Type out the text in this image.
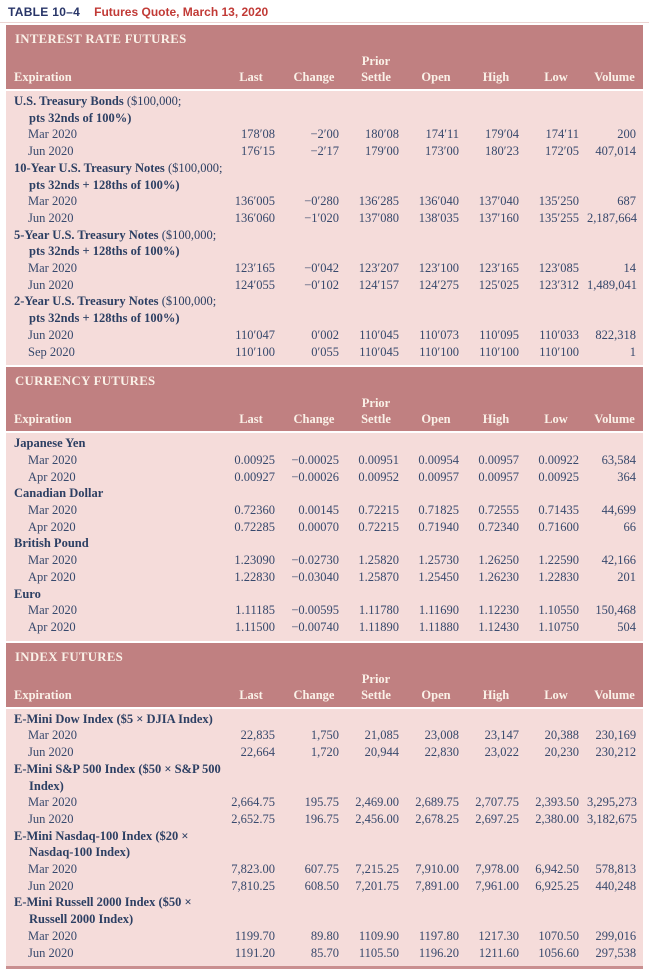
TABLE 10–4 Futures Quote, March 13, 2020
INTEREST RATE FUTURES							
			Prior				
Expiration	Last	Change	Settle	Open	High	Low	Volume
U.S. Treasury Bonds ($100,000;							
pts 32nds of 100%)							
Mar 2020	178′08	−2′00	180′08	174′11	179′04	174′11	200
Jun 2020	176′15	−2′17	179′00	173′00	180′23	172′05	407,014
10-Year U.S. Treasury Notes ($100,000;							
pts 32nds + 128ths of 100%)							
Mar 2020	136′005	−0′280	136′285	136′040	137′040	135′250	687
Jun 2020	136′060	−1′020	137′080	138′035	137′160	135′255	2,187,664
5-Year U.S. Treasury Notes ($100,000;							
pts 32nds + 128ths of 100%)							
Mar 2020	123′165	−0′042	123′207	123′100	123′165	123′085	14
Jun 2020	124′055	−0′102	124′157	124′275	125′025	123′312	1,489,041
2-Year U.S. Treasury Notes ($100,000;							
pts 32nds + 128ths of 100%)							
Jun 2020	110′047	0′002	110′045	110′073	110′095	110′033	822,318
Sep 2020	110′100	0′055	110′045	110′100	110′100	110′100	1
CURRENCY FUTURES							
			Prior				
Expiration	Last	Change	Settle	Open	High	Low	Volume
Japanese Yen							
Mar 2020	0.00925	−0.00025	0.00951	0.00954	0.00957	0.00922	63,584
Apr 2020	0.00927	−0.00026	0.00952	0.00957	0.00957	0.00925	364
Canadian Dollar							
Mar 2020	0.72360	0.00145	0.72215	0.71825	0.72555	0.71435	44,699
Apr 2020	0.72285	0.00070	0.72215	0.71940	0.72340	0.71600	66
British Pound							
Mar 2020	1.23090	−0.02730	1.25820	1.25730	1.26250	1.22590	42,166
Apr 2020	1.22830	−0.03040	1.25870	1.25450	1.26230	1.22830	201
Euro							
Mar 2020	1.11185	−0.00595	1.11780	1.11690	1.12230	1.10550	150,468
Apr 2020	1.11500	−0.00740	1.11890	1.11880	1.12430	1.10750	504
INDEX FUTURES							
			Prior				
Expiration	Last	Change	Settle	Open	High	Low	Volume
E-Mini Dow Index ($5 × DJIA Index)							
Mar 2020	22,835	1,750	21,085	23,008	23,147	20,388	230,169
Jun 2020	22,664	1,720	20,944	22,830	23,022	20,230	230,212
E-Mini S&P 500 Index ($50 × S&P 500							
Index)							
Mar 2020	2,664.75	195.75	2,469.00	2,689.75	2,707.75	2,393.50	3,295,273
Jun 2020	2,652.75	196.75	2,456.00	2,678.25	2,697.25	2,380.00	3,182,675
E-Mini Nasdaq-100 Index ($20 ×							
Nasdaq-100 Index)							
Mar 2020	7,823.00	607.75	7,215.25	7,910.00	7,978.00	6,942.50	578,813
Jun 2020	7,810.25	608.50	7,201.75	7,891.00	7,961.00	6,925.25	440,248
E-Mini Russell 2000 Index ($50 ×							
Russell 2000 Index)							
Mar 2020	1199.70	89.80	1109.90	1197.80	1217.30	1070.50	299,016
Jun 2020	1191.20	85.70	1105.50	1196.20	1211.60	1056.60	297,538
